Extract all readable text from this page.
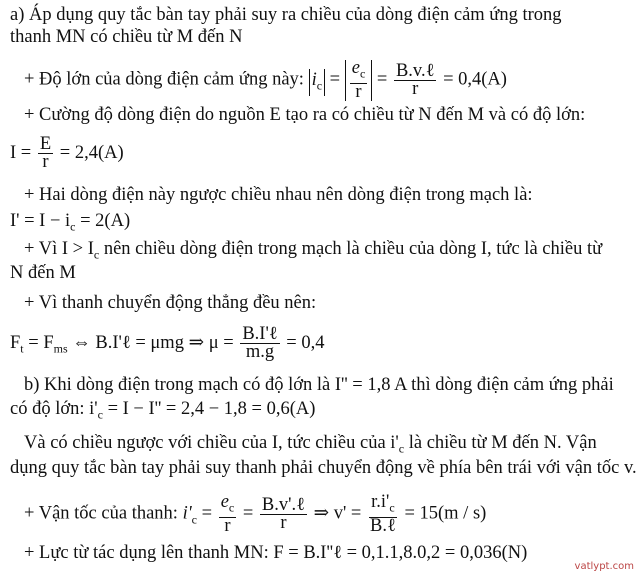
a) Áp dụng quy tắc bàn tay phải suy ra chiều của dòng điện cảm ứng trong
thanh MN có chiều từ M đến N
+ Độ lớn của dòng điện cảm ứng này: $i_c = \frac{e_c}{r} = \frac{\text{B.v.ℓ}}{r} = 0,4(A)$
+ Cường độ dòng điện do nguồn E tạo ra có chiều từ N đến M và có độ lớn:
$I = \frac{E}{r} = 2,4(A)$
+ Hai dòng điện này ngược chiều nhau nên dòng điện trong mạch là:
$I' = I - i_c = 2(A)$
+ Vì $I > I_c$ nên chiều dòng điện trong mạch là chiều của dòng I, tức là chiều từ
N đến M
+ Vì thanh chuyển động thẳng đều nên:
$F_t = F_{ms}$ ⇔ B.I'ℓ = μmg ⇒ $\mu = \frac{\text{B.I'ℓ}}{m.g} = 0,4$
b) Khi dòng điện trong mạch có độ lớn là I'' = 1,8 A thì dòng điện cảm ứng phải
có độ lớn: $i'_c = I - I'' = 2,4 - 1,8 = 0,6(A)$
Và có chiều ngược với chiều của I, tức chiều của $i'_c$ là chiều từ M đến N. Vận
dụng quy tắc bàn tay phải suy thanh phải chuyển động về phía bên trái với vận tốc v.
+ Vận tốc của thanh: $i'_c = \frac{e_c}{r} = \frac{\text{B.v'.ℓ}}{r}$ ⇒ $v' = \frac{r.i'_c}{\text{B.ℓ}} = 15(m / s)$
+ Lực từ tác dụng lên thanh MN: F = B.I''ℓ = 0,1.1,8.0,2 = 0,036(N)
vatlypt.com
